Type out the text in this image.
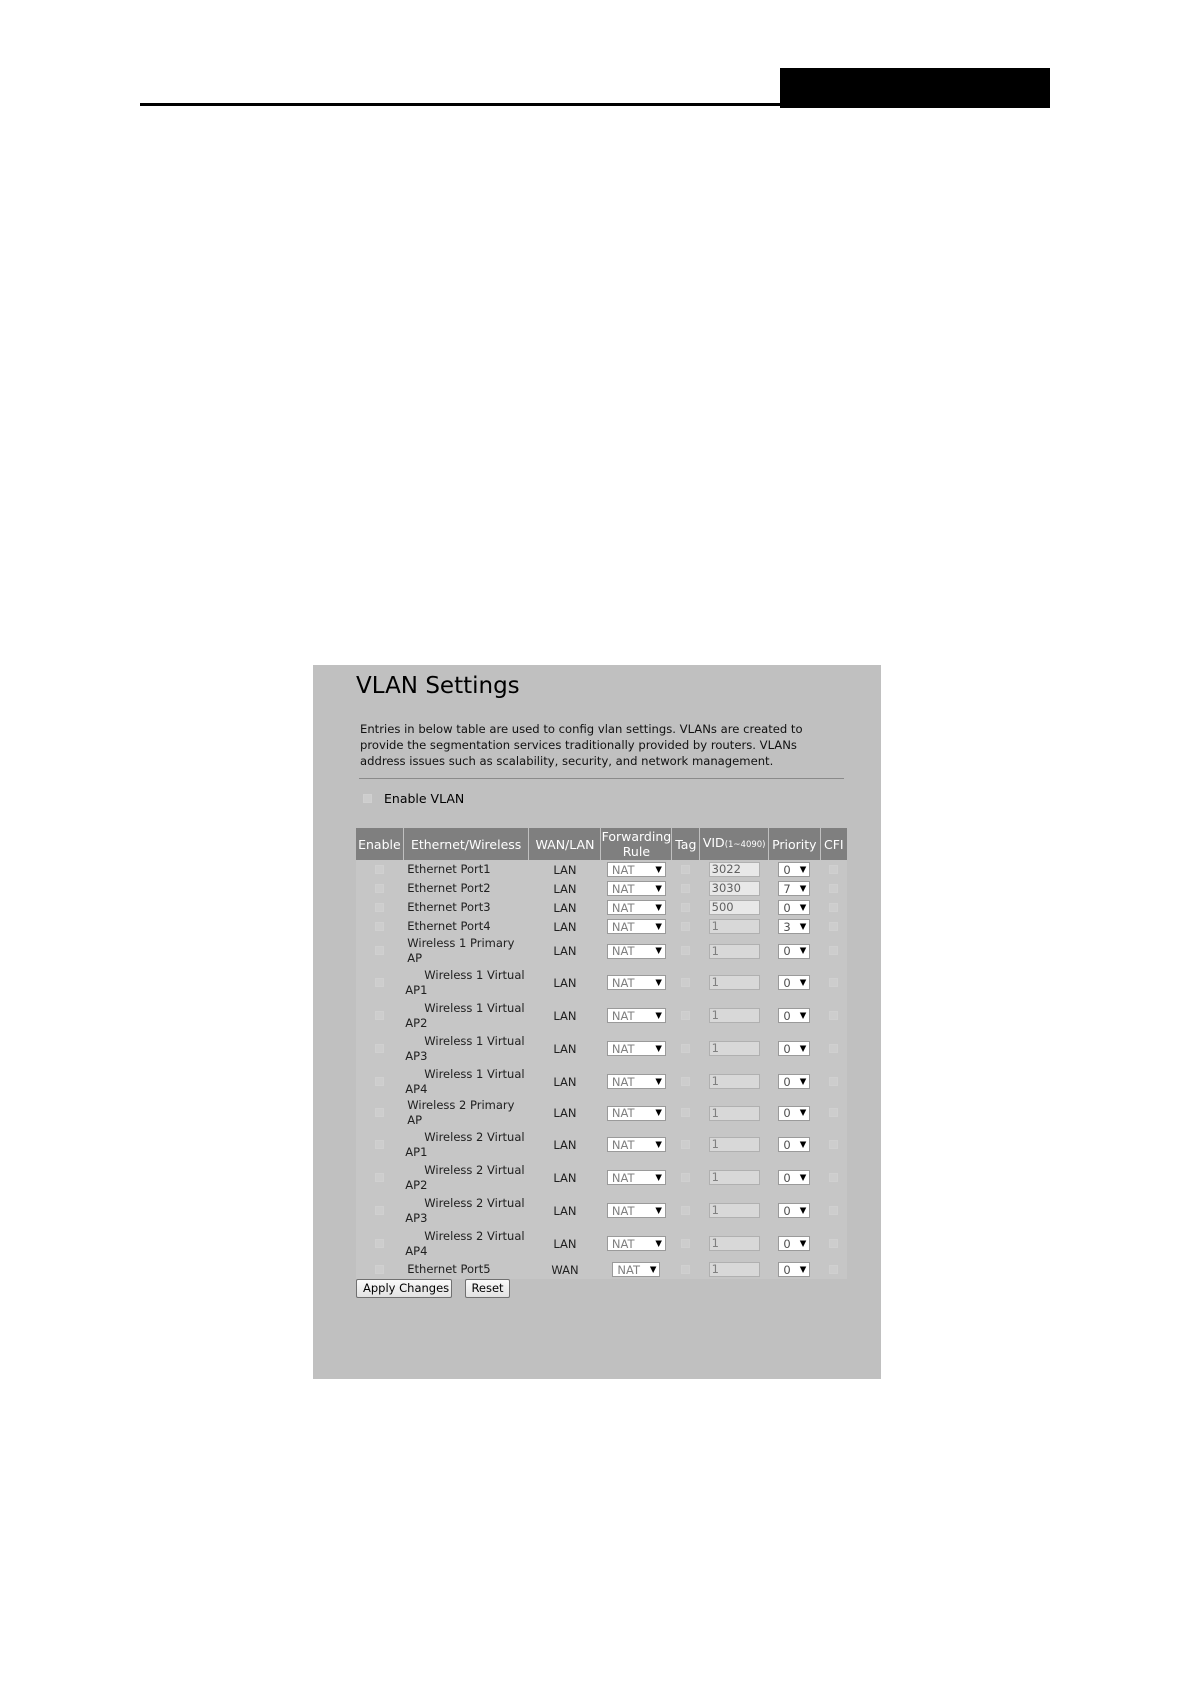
VLAN Settings
Entries in below table are used to config vlan settings. VLANs are created to provide the segmentation services traditionally provided by routers. VLANs address issues such as scalability, security, and network management.
Enable VLAN
Enable	Ethernet/Wireless	WAN/LAN	Forwarding
Rule	Tag	VID(1~4090)	Priority	CFI
	Ethernet Port1	LAN	NAT ▼		3022	0 ▼	

	Ethernet Port2	LAN	NAT ▼		3030	7 ▼	

	Ethernet Port3	LAN	NAT ▼		500	0 ▼	

	Ethernet Port4	LAN	NAT ▼		1	3 ▼	

	Wireless 1 Primary AP	LAN	NAT ▼		1	0 ▼	

	Wireless 1 Virtual
AP1	LAN	NAT ▼		1	0 ▼	

	Wireless 1 Virtual
AP2	LAN	NAT ▼		1	0 ▼	

	Wireless 1 Virtual
AP3	LAN	NAT ▼		1	0 ▼	

	Wireless 1 Virtual
AP4	LAN	NAT ▼		1	0 ▼	

	Wireless 2 Primary AP	LAN	NAT ▼		1	0 ▼	

	Wireless 2 Virtual
AP1	LAN	NAT ▼		1	0 ▼	

	Wireless 2 Virtual
AP2	LAN	NAT ▼		1	0 ▼	

	Wireless 2 Virtual
AP3	LAN	NAT ▼		1	0 ▼	

	Wireless 2 Virtual
AP4	LAN	NAT ▼		1	0 ▼	

	Ethernet Port5	WAN	NAT ▼		1	0 ▼	

Apply Changes	Reset
